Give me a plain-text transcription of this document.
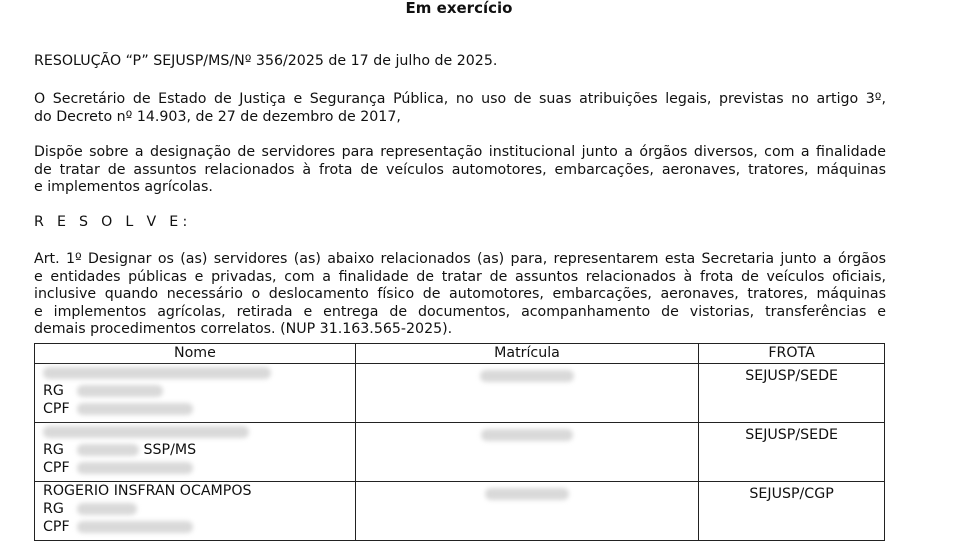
Em exercício

RESOLUÇÃO “P” SEJUSP/MS/Nº 356/2025 de 17 de julho de 2025.

O Secretário de Estado de Justiça e Segurança Pública, no uso de suas atribuições legais, previstas no artigo 3º,
do Decreto nº 14.903, de 27 de dezembro de 2017,

Dispõe sobre a designação de servidores para representação institucional junto a órgãos diversos, com a finalidade
de tratar de assuntos relacionados à frota de veículos automotores, embarcações, aeronaves, tratores, máquinas
e implementos agrícolas.

R E S O L V E:

Art. 1º Designar os (as) servidores (as) abaixo relacionados (as) para, representarem esta Secretaria junto a órgãos
e entidades públicas e privadas, com a finalidade de tratar de assuntos relacionados à frota de veículos oficiais,
inclusive quando necessário o deslocamento físico de automotores, embarcações, aeronaves, tratores, máquinas
e implementos agrícolas, retirada e entrega de documentos, acompanhamento de vistorias, transferências e
demais procedimentos correlatos. (NUP 31.163.565-2025).

Nome	Matrícula	FROTA

RG
CPF		SEJUSP/SEDE

RG SSP/MS
CPF		SEJUSP/SEDE

ROGERIO INSFRAN OCAMPOS
RG
CPF		SEJUSP/CGP
